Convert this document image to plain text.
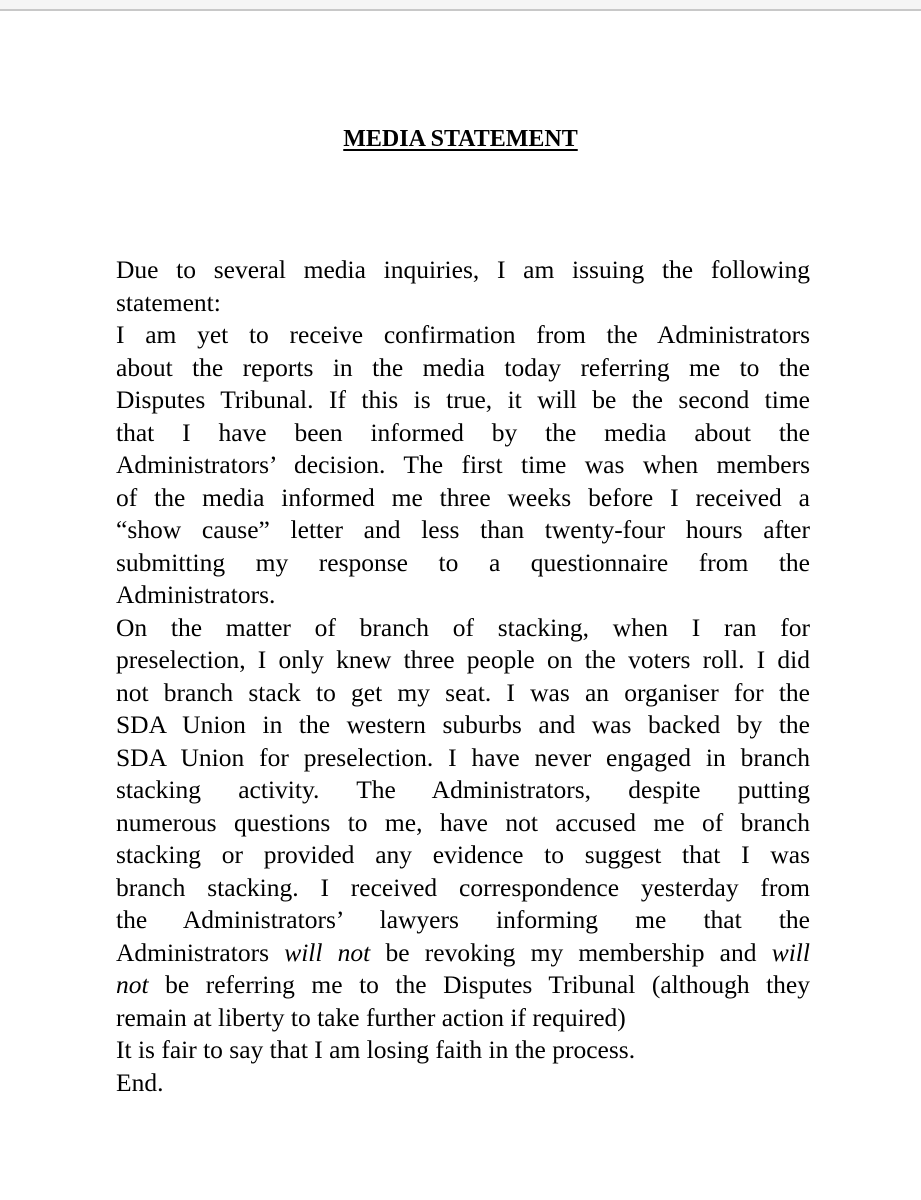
MEDIA STATEMENT
Due to several media inquiries, I am issuing the following
statement:
I am yet to receive confirmation from the Administrators
about the reports in the media today referring me to the
Disputes Tribunal. If this is true, it will be the second time
that I have been informed by the media about the
Administrators’ decision. The first time was when members
of the media informed me three weeks before I received a
“show cause” letter and less than twenty-four hours after
submitting my response to a questionnaire from the
Administrators.
On the matter of branch of stacking, when I ran for
preselection, I only knew three people on the voters roll. I did
not branch stack to get my seat. I was an organiser for the
SDA Union in the western suburbs and was backed by the
SDA Union for preselection. I have never engaged in branch
stacking activity. The Administrators, despite putting
numerous questions to me, have not accused me of branch
stacking or provided any evidence to suggest that I was
branch stacking. I received correspondence yesterday from
the Administrators’ lawyers informing me that the
Administrators will not be revoking my membership and will
not be referring me to the Disputes Tribunal (although they
remain at liberty to take further action if required)
It is fair to say that I am losing faith in the process.
End.
